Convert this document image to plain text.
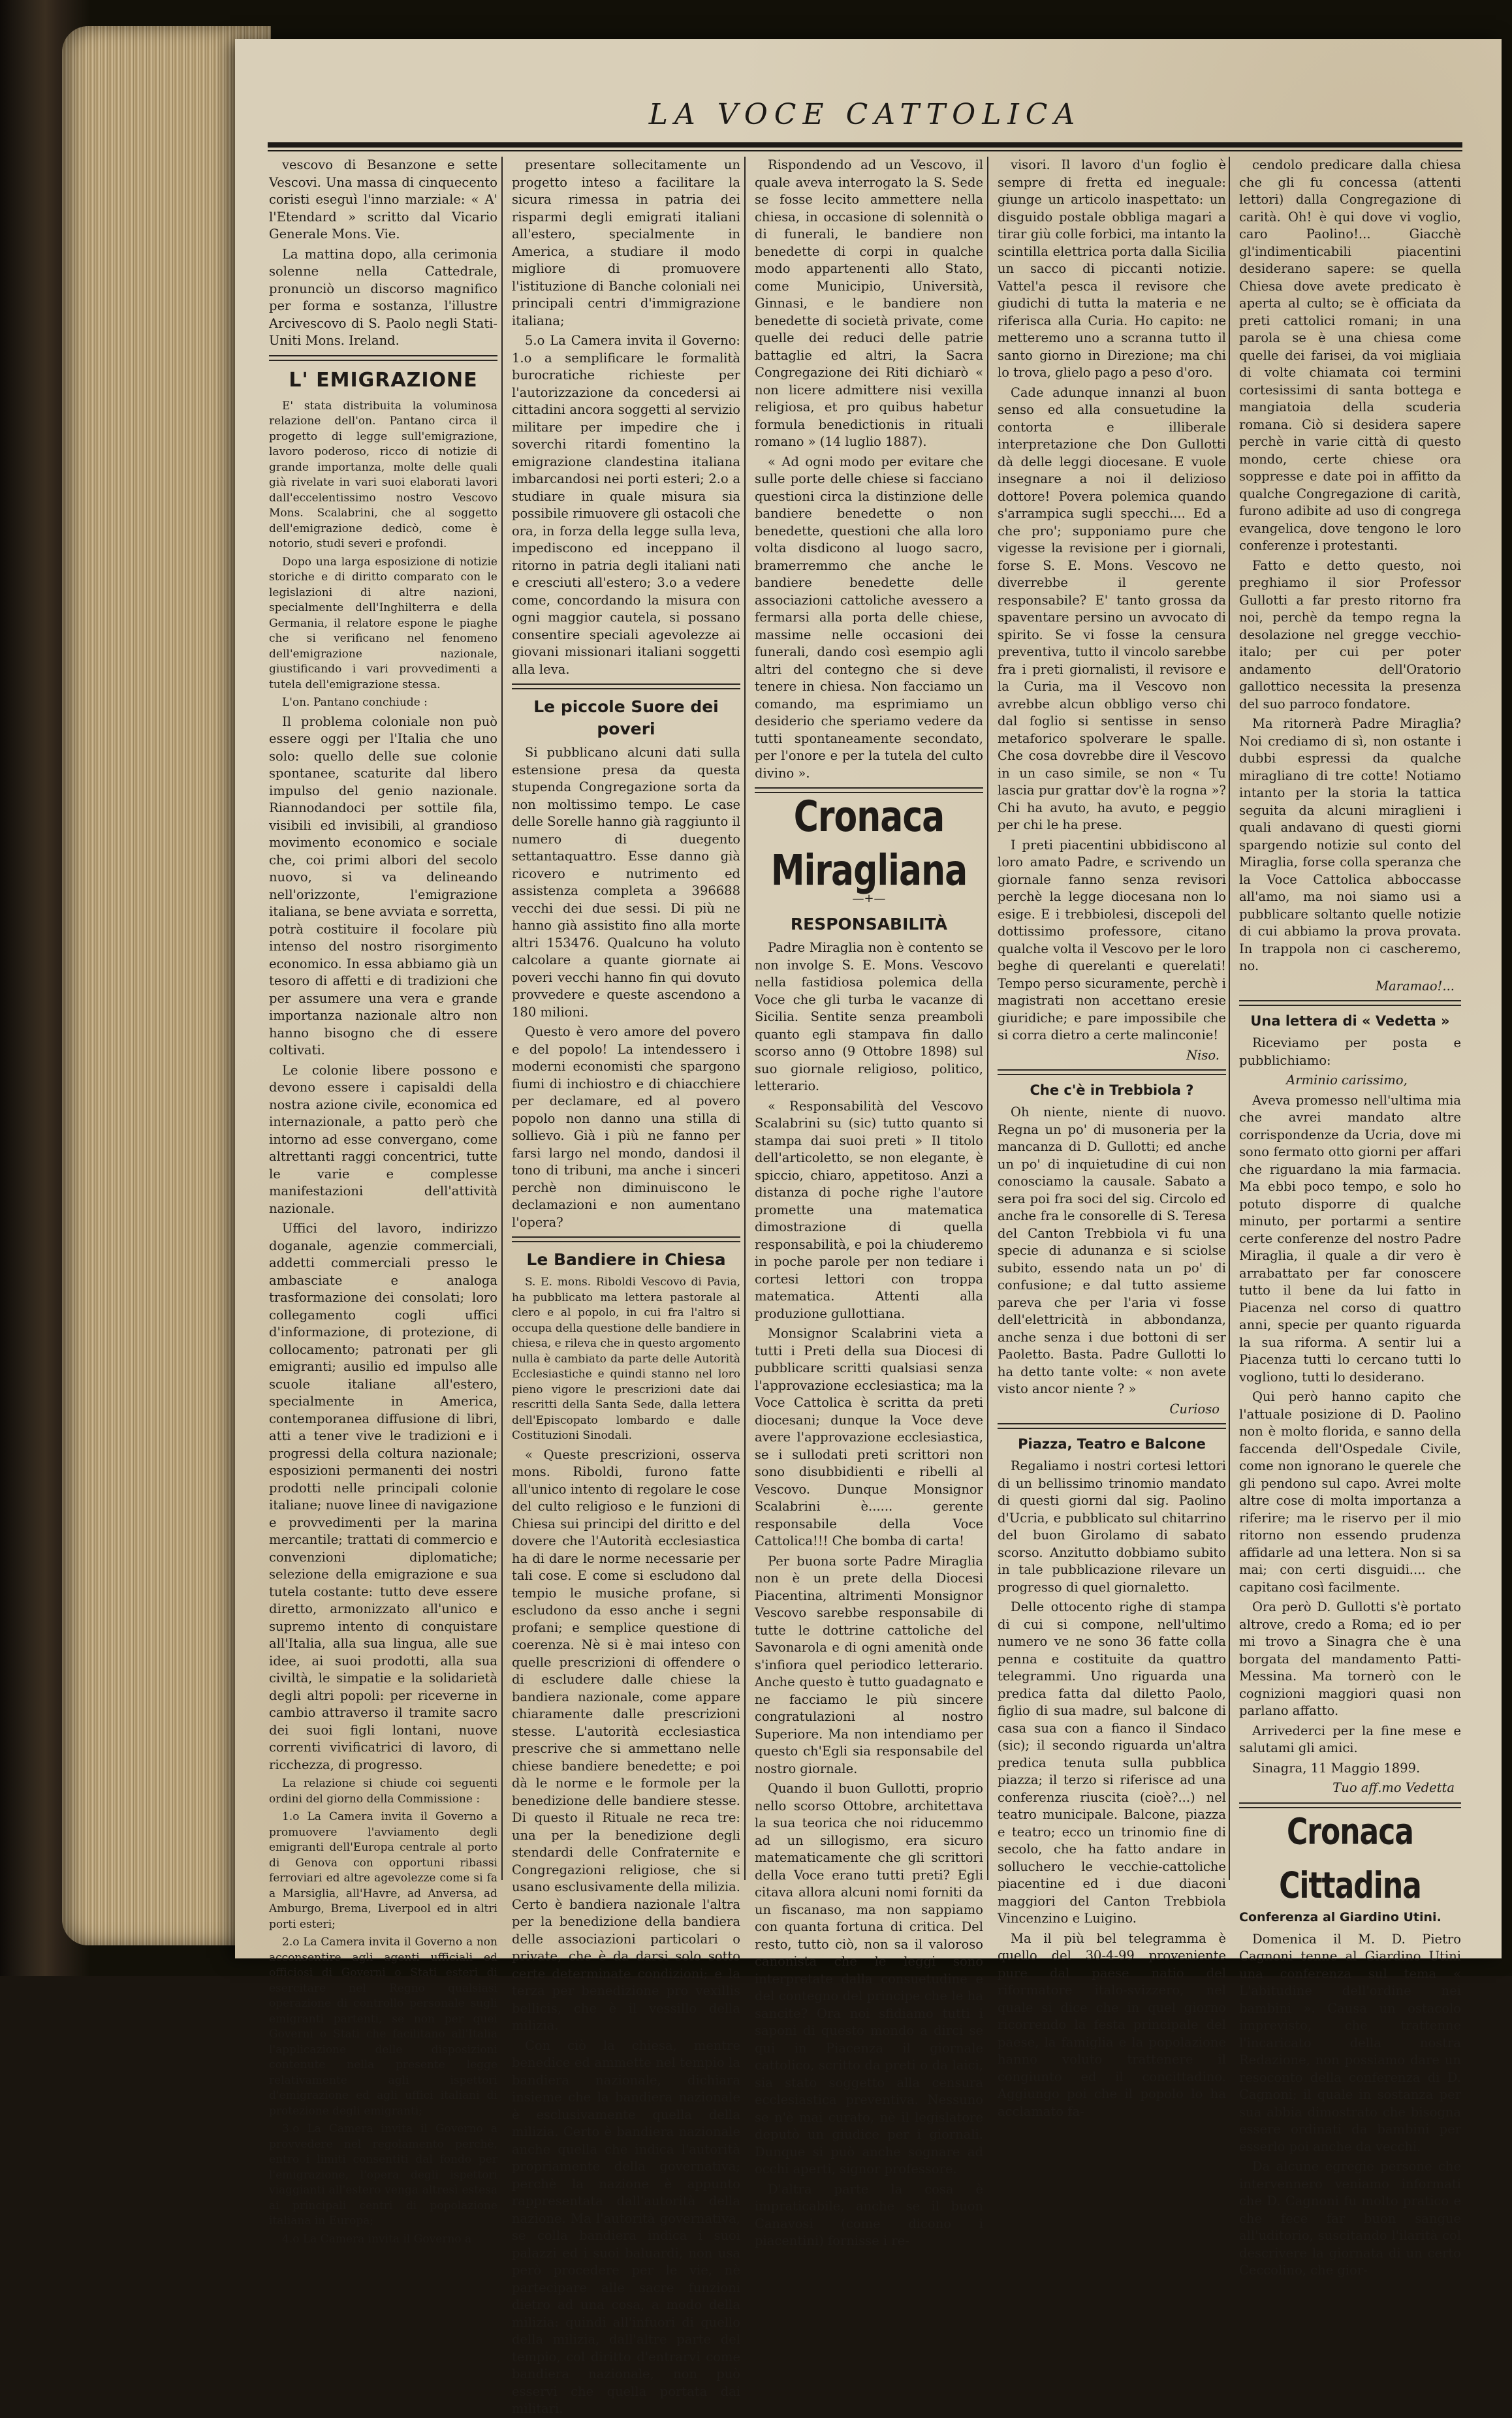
LA VOCE CATTOLICA

vescovo di Besanzone e sette Vescovi. Una massa di cinquecento coristi eseguì l'inno marziale: « A' l'Etendard » scritto dal Vicario Generale Mons. Vie.

La mattina dopo, alla cerimonia solenne nella Cattedrale, pronunciò un discorso magnifico per forma e sostanza, l'illustre Arcivescovo di S. Paolo negli Stati-Uniti Mons. Ireland.

L' EMIGRAZIONE

E' stata distribuita la voluminosa relazione dell'on. Pantano circa il progetto di legge sull'emigrazione, lavoro poderoso, ricco di notizie di grande importanza, molte delle quali già rivelate in vari suoi elaborati lavori dall'eccelentissimo nostro Vescovo Mons. Scalabrini, che al soggetto dell'emigrazione dedicò, come è notorio, studi severi e profondi.

Dopo una larga esposizione di notizie storiche e di diritto comparato con le legislazioni di altre nazioni, specialmente dell'Inghilterra e della Germania, il relatore espone le piaghe che si verificano nel fenomeno dell'emigrazione nazionale, giustificando i vari provvedimenti a tutela dell'emigrazione stessa.

L'on. Pantano conchiude :

Il problema coloniale non può essere oggi per l'Italia che uno solo: quello delle sue colonie spontanee, scaturite dal libero impulso del genio nazionale. Riannodandoci per sottile fila, visibili ed invisibili, al grandioso movimento economico e sociale che, coi primi albori del secolo nuovo, si va delineando nell'orizzonte, l'emigrazione italiana, se bene avviata e sorretta, potrà costituire il focolare più intenso del nostro risorgimento economico. In essa abbiamo già un tesoro di affetti e di tradizioni che per assumere una vera e grande importanza nazionale altro non hanno bisogno che di essere coltivati.

Le colonie libere possono e devono essere i capisaldi della nostra azione civile, economica ed internazionale, a patto però che intorno ad esse convergano, come altrettanti raggi concentrici, tutte le varie e complesse manifestazioni dell'attività nazionale.

Uffici del lavoro, indirizzo doganale, agenzie commerciali, addetti commerciali presso le ambasciate e analoga trasformazione dei consolati; loro collegamento cogli uffici d'informazione, di protezione, di collocamento; patronati per gli emigranti; ausilio ed impulso alle scuole italiane all'estero, specialmente in America, contemporanea diffusione di libri, atti a tener vive le tradizioni e i progressi della coltura nazionale; esposizioni permanenti dei nostri prodotti nelle principali colonie italiane; nuove linee di navigazione e provvedimenti per la marina mercantile; trattati di commercio e convenzioni diplomatiche; selezione della emigrazione e sua tutela costante: tutto deve essere diretto, armonizzato all'unico e supremo intento di conquistare all'Italia, alla sua lingua, alle sue idee, ai suoi prodotti, alla sua civiltà, le simpatie e la solidarietà degli altri popoli: per riceverne in cambio attraverso il tramite sacro dei suoi figli lontani, nuove correnti vivificatrici di lavoro, di ricchezza, di progresso.

La relazione si chiude coi seguenti ordini del giorno della Commissione :

1.o La Camera invita il Governo a promuovere l'avviamento degli emigranti dell'Europa centrale al porto di Genova con opportuni ribassi ferroviari ed altre agevolezze come si fa a Marsiglia, all'Havre, ad Anversa, ad Amburgo, Brema, Liverpool ed in altri porti esteri;

2.o La Camera invita il Governo a non acconsentire agli agenti ufficiali ed officiosi di Governi o Stati esteri di esercitare nel Regno qualsiasi operazione di controllo personale sugli emigranti partenti, se non per quei Governi o Stati che facilitano all'Italia l'applicazione delle disposizioni contenute nella presente legge relativamente agli ispettori d'emigrazione ed agli uffici italiani di protezione degli emigranti;

3.o La Camera invita il Governo a provvedere nel regolamento perchè, entro i limiti consentiti dal fondo per l'emigrazione, l'opera degli ispettori viaggianti all'estero venga altresì estesa ai principali centri di popolazione italiana in Europa;

4.o La Camera invita il Governo a

presentare sollecitamente un progetto inteso a facilitare la sicura rimessa in patria dei risparmi degli emigrati italiani all'estero, specialmente in America, a studiare il modo migliore di promuovere l'istituzione di Banche coloniali nei principali centri d'immigrazione italiana;

5.o La Camera invita il Governo: 1.o a semplificare le formalità burocratiche richieste per l'autorizzazione da concedersi ai cittadini ancora soggetti al servizio militare per impedire che i soverchi ritardi fomentino la emigrazione clandestina italiana imbarcandosi nei porti esteri; 2.o a studiare in quale misura sia possibile rimuovere gli ostacoli che ora, in forza della legge sulla leva, impediscono ed inceppano il ritorno in patria degli italiani nati e cresciuti all'estero; 3.o a vedere come, concordando la misura con ogni maggior cautela, si possano consentire speciali agevolezze ai giovani missionari italiani soggetti alla leva.

Le piccole Suore dei poveri

Si pubblicano alcuni dati sulla estensione presa da questa stupenda Congregazione sorta da non moltissimo tempo. Le case delle Sorelle hanno già raggiunto il numero di duegento settantaquattro. Esse danno già ricovero e nutrimento ed assistenza completa a 396688 vecchi dei due sessi. Di più ne hanno già assistito fino alla morte altri 153476. Qualcuno ha voluto calcolare a quante giornate ai poveri vecchi hanno fin qui dovuto provvedere e queste ascendono a 180 milioni.

Questo è vero amore del povero e del popolo! La intendessero i moderni economisti che spargono fiumi di inchiostro e di chiacchiere per declamare, ed al povero popolo non danno una stilla di sollievo. Già i più ne fanno per farsi largo nel mondo, dandosi il tono di tribuni, ma anche i sinceri perchè non diminuiscono le declamazioni e non aumentano l'opera?

Le Bandiere in Chiesa

S. E. mons. Riboldi Vescovo di Pavia, ha pubblicato ma lettera pastorale al clero e al popolo, in cui fra l'altro si occupa della questione delle bandiere in chiesa, e rileva che in questo argomento nulla è cambiato da parte delle Autorità Ecclesiastiche e quindi stanno nel loro pieno vigore le prescrizioni date dai rescritti della Santa Sede, dalla lettera dell'Episcopato lombardo e dalle Costituzioni Sinodali.

« Queste prescrizioni, osserva mons. Riboldi, furono fatte all'unico intento di regolare le cose del culto religioso e le funzioni di Chiesa sui principi del diritto e del dovere che l'Autorità ecclesiastica ha di dare le norme necessarie per tali cose. E come si escludono dal tempio le musiche profane, si escludono da esso anche i segni profani; e semplice questione di coerenza. Nè si è mai inteso con quelle prescrizioni di offendere o di escludere dalle chiese la bandiera nazionale, come appare chiaramente dalle prescrizioni stesse. L'autorità ecclesiastica prescrive che si ammettano nelle chiese bandiere benedette; e poi dà le norme e le formole per la benedizione delle bandiere stesse. Di questo il Rituale ne reca tre: una per la benedizione degli stendardi delle Confraternite e Congregazioni religiose, che si usano esclusivamente della milizia. Certo è bandiera nazionale l'altra per la benedizione della bandiera delle associazioni particolari o private, che è da darsi solo sotto certe determinate condizioni; e la terza per benedizione pro vexillis bellicis, che è il vessillo della milizia.

Con ciò la chiesa, mentre benedice ed ammette nel tempio la bandiera nazionale, dichiara insieme che la bandiera nazionale è esclusivamente quella della milizia. Certo è bandiera nazionale anche quella che indica l'autorità propriamente della governativa; perchè la nazione è appunto rappresentata dall'autorità della nazione. Ma l'autorità governativa, se colla bandiera indica i suoi palazzi ed i suoi baluardi, non usa però procedere per le vie, nè partecipare alle sacre funzioni dietro ad una cosa, a modo della milizia: quindi all'infuori di quello della milizia, dall'altre parte del tempio, col diritto d'entrarvi come bandiera nazionale, non può esservi che quella portata dai militari.

Rispondendo ad un Vescovo, il quale aveva interrogato la S. Sede se fosse lecito ammettere nella chiesa, in occasione di solennità o di funerali, le bandiere non benedette di corpi in qualche modo appartenenti allo Stato, come Municipio, Università, Ginnasi, e le bandiere non benedette di società private, come quelle dei reduci delle patrie battaglie ed altri, la Sacra Congregazione dei Riti dichiarò « non licere admittere nisi vexilla religiosa, et pro quibus habetur formula benedictionis in rituali romano » (14 luglio 1887).

« Ad ogni modo per evitare che sulle porte delle chiese si facciano questioni circa la distinzione delle bandiere benedette o non benedette, questioni che alla loro volta disdicono al luogo sacro, bramerremmo che anche le bandiere benedette delle associazioni cattoliche avessero a fermarsi alla porta delle chiese, massime nelle occasioni dei funerali, dando così esempio agli altri del contegno che si deve tenere in chiesa. Non facciamo un comando, ma esprimiamo un desiderio che speriamo vedere da tutti spontaneamente secondato, per l'onore e per la tutela del culto divino ».

Cronaca Miragliana
—+—
RESPONSABILITÀ

Padre Miraglia non è contento se non involge S. E. Mons. Vescovo nella fastidiosa polemica della Voce che gli turba le vacanze di Sicilia. Sentite senza preamboli quanto egli stampava fin dallo scorso anno (9 Ottobre 1898) sul suo giornale religioso, politico, letterario.

« Responsabilità del Vescovo Scalabrini su (sic) tutto quanto si stampa dai suoi preti » Il titolo dell'articoletto, se non elegante, è spiccio, chiaro, appetitoso. Anzi a distanza di poche righe l'autore promette una matematica dimostrazione di quella responsabilità, e poi la chiuderemo in poche parole per non tediare i cortesi lettori con troppa matematica. Attenti alla produzione gullottiana.

Monsignor Scalabrini vieta a tutti i Preti della sua Diocesi di pubblicare scritti qualsiasi senza l'approvazione ecclesiastica; ma la Voce Cattolica è scritta da preti diocesani; dunque la Voce deve avere l'approvazione ecclesiastica, se i sullodati preti scrittori non sono disubbidienti e ribelli al Vescovo. Dunque Monsignor Scalabrini è...... gerente responsabile della Voce Cattolica!!! Che bomba di carta!

Per buona sorte Padre Miraglia non è un prete della Diocesi Piacentina, altrimenti Monsignor Vescovo sarebbe responsabile di tutte le dottrine cattoliche del Savonarola e di ogni amenità onde s'infiora quel periodico letterario. Anche questo è tutto guadagnato e ne facciamo le più sincere congratulazioni al nostro Superiore. Ma non intendiamo per questo ch'Egli sia responsabile del nostro giornale.

Quando il buon Gullotti, proprio nello scorso Ottobre, architettava la sua teorica che noi riducemmo ad un sillogismo, era sicuro matematicamente che gli scrittori della Voce erano tutti preti? Egli citava allora alcuni nomi forniti da un fiscanaso, ma non sappiamo con quanta fortuna di critica. Del resto, tutto ciò, non sa il valoroso canonista che le leggi sono interpretate dalla consuetudine e del contegno del principe che le ha sancite? Ora noi sfidiamo tutti i saponi di questo mondo a dirci se qui in Piacenza il giornale cattolico, scritto da preti o da laici, sia stato soggetto alla censura ecclesiastica preventiva. Nessuno se n'è mai curato, nè il legislatore deputò un giudice per i giornali. Dunque si può anche sognare ad occhi aperti, signor professore.

D'altra parte la cosa è impraticabile, anche se il buon Canavosi (come dicono i piacentini) fornisse i re-

visori. Il lavoro d'un foglio è sempre di fretta ed ineguale: giunge un articolo inaspettato: un disguido postale obbliga magari a tirar giù colle forbici, ma intanto la scintilla elettrica porta dalla Sicilia un sacco di piccanti notizie. Vattel'a pesca il revisore che giudichi di tutta la materia e ne riferisca alla Curia. Ho capito: ne metteremo uno a scranna tutto il santo giorno in Direzione; ma chi lo trova, glielo pago a peso d'oro.

Cade adunque innanzi al buon senso ed alla consuetudine la contorta e illiberale interpretazione che Don Gullotti dà delle leggi diocesane. E vuole insegnare a noi il delizioso dottore! Povera polemica quando s'arrampica sugli specchi.... Ed a che pro'; supponiamo pure che vigesse la revisione per i giornali, forse S. E. Mons. Vescovo ne diverrebbe il gerente responsabile? E' tanto grossa da spaventare persino un avvocato di spirito. Se vi fosse la censura preventiva, tutto il vincolo sarebbe fra i preti giornalisti, il revisore e la Curia, ma il Vescovo non avrebbe alcun obbligo verso chi dal foglio si sentisse in senso metaforico spolverare le spalle. Che cosa dovrebbe dire il Vescovo in un caso simile, se non « Tu lascia pur grattar dov'è la rogna »? Chi ha avuto, ha avuto, e peggio per chi le ha prese.

I preti piacentini ubbidiscono al loro amato Padre, e scrivendo un giornale fanno senza revisori perchè la legge diocesana non lo esige. E i trebbiolesi, discepoli del dottissimo professore, citano qualche volta il Vescovo per le loro beghe di querelanti e querelati! Tempo perso sicuramente, perchè i magistrati non accettano eresie giuridiche; e pare impossibile che si corra dietro a certe malinconie!

Niso.
Che c'è in Trebbiola ?

Oh niente, niente di nuovo. Regna un po' di musoneria per la mancanza di D. Gullotti; ed anche un po' di inquietudine di cui non conosciamo la causale. Sabato a sera poi fra soci del sig. Circolo ed anche fra le consorelle di S. Teresa del Canton Trebbiola vi fu una specie di adunanza e si sciolse subito, essendo nata un po' di confusione; e dal tutto assieme pareva che per l'aria vi fosse dell'elettricità in abbondanza, anche senza i due bottoni di ser Paoletto. Basta. Padre Gullotti lo ha detto tante volte: « non avete visto ancor niente ? »

Curioso
Piazza, Teatro e Balcone

Regaliamo i nostri cortesi lettori di un bellissimo trinomio mandato di questi giorni dal sig. Paolino d'Ucria, e pubblicato sul chitarrino del buon Girolamo di sabato scorso. Anzitutto dobbiamo subito in tale pubblicazione rilevare un progresso di quel giornaletto.

Delle ottocento righe di stampa di cui si compone, nell'ultimo numero ve ne sono 36 fatte colla penna e costituite da quattro telegrammi. Uno riguarda una predica fatta dal diletto Paolo, figlio di sua madre, sul balcone di casa sua con a fianco il Sindaco (sic); il secondo riguarda un'altra predica tenuta sulla pubblica piazza; il terzo si riferisce ad una conferenza riuscita (cioè?...) nel teatro municipale. Balcone, piazza e teatro; ecco un trinomio fine di secolo, che ha fatto andare in solluchero le vecchie-cattoliche piacentine ed i due diaconi maggiori del Canton Trebbiola Vincenzino e Luigino.

Ma il più bel telegramma è quello del 30-4-99 proveniente pure dal paese natio del riformatore italo-svizzero, nel quale si dice che in quel giorno ricorrendo la festa principale del paese, la famiglia e la popolazione hanno voluto trattenere il congiunto ed il concittadino. Aggiungo poi che il popolo lo ha acclamato fa-

cendolo predicare dalla chiesa che gli fu concessa (attenti lettori) dalla Congregazione di carità. Oh! è qui dove vi voglio, caro Paolino!... Giacchè gl'indimenticabili piacentini desiderano sapere: se quella Chiesa dove avete predicato è aperta al culto; se è officiata da preti cattolici romani; in una parola se è una chiesa come quelle dei farisei, da voi migliaia di volte chiamata coi termini cortesissimi di santa bottega e mangiatoia della scuderia romana. Ciò si desidera sapere perchè in varie città di questo mondo, certe chiese ora soppresse e date poi in affitto da qualche Congregazione di carità, furono adibite ad uso di congrega evangelica, dove tengono le loro conferenze i protestanti.

Fatto e detto questo, noi preghiamo il sior Professor Gullotti a far presto ritorno fra noi, perchè da tempo regna la desolazione nel gregge vecchio-italo; per cui per poter andamento dell'Oratorio gallottico necessita la presenza del suo parroco fondatore.

Ma ritornerà Padre Miraglia? Noi crediamo di sì, non ostante i dubbi espressi da qualche miragliano di tre cotte! Notiamo intanto per la storia la tattica seguita da alcuni miraglieni i quali andavano di questi giorni spargendo notizie sul conto del Miraglia, forse colla speranza che la Voce Cattolica abboccasse all'amo, ma noi siamo usi a pubblicare soltanto quelle notizie di cui abbiamo la prova provata. In trappola non ci cascheremo, no.

Maramao!...
Una lettera di « Vedetta »

Riceviamo per posta e pubblichiamo:

Arminio carissimo,

Aveva promesso nell'ultima mia che avrei mandato altre corrispondenze da Ucria, dove mi sono fermato otto giorni per affari che riguardano la mia farmacia. Ma ebbi poco tempo, e solo ho potuto disporre di qualche minuto, per portarmi a sentire certe conferenze del nostro Padre Miraglia, il quale a dir vero è arrabattato per far conoscere tutto il bene da lui fatto in Piacenza nel corso di quattro anni, specie per quanto riguarda la sua riforma. A sentir lui a Piacenza tutti lo cercano tutti lo vogliono, tutti lo desiderano.

Qui però hanno capito che l'attuale posizione di D. Paolino non è molto florida, e sanno della faccenda dell'Ospedale Civile, come non ignorano le querele che gli pendono sul capo. Avrei molte altre cose di molta importanza a riferire; ma le riservo per il mio ritorno non essendo prudenza affidarle ad una lettera. Non si sa mai; con certi disguidi.... che capitano così facilmente.

Ora però D. Gullotti s'è portato altrove, credo a Roma; ed io per mi trovo a Sinagra che è una borgata del mandamento Patti-Messina. Ma tornerò con le cognizioni maggiori quasi non parlano affatto.

Arrivederci per la fine mese e salutami gli amici.

Sinagra, 11 Maggio 1899.

Tuo aff.mo Vedetta
Cronaca Cittadina
Conferenza al Giardino Utini.

Domenica il M. D. Pietro Cagnoni tenne al Giardino Utini una conferenza sul tema « L'abitudine dell'ordine nei bambini ». Causa un ostacolo imprevisto, che trattenne l'incaricato della nostra Redazione, non possiamo dare un resoconto della conferenza di D. Cagnoni; il quale in sostanza per sua abbia dimostrato che bisogna essere ordinati da bambini per esserlo poi anche da vecchi.

Da alcune egregie persone che intervennero veniamo informati che D. Cagnoni fu molto pratico e che fece far buon sangue all'uditorio, suscitando l'ilarità col descrivere la giornata di un certo Ceccolino, che gior-
